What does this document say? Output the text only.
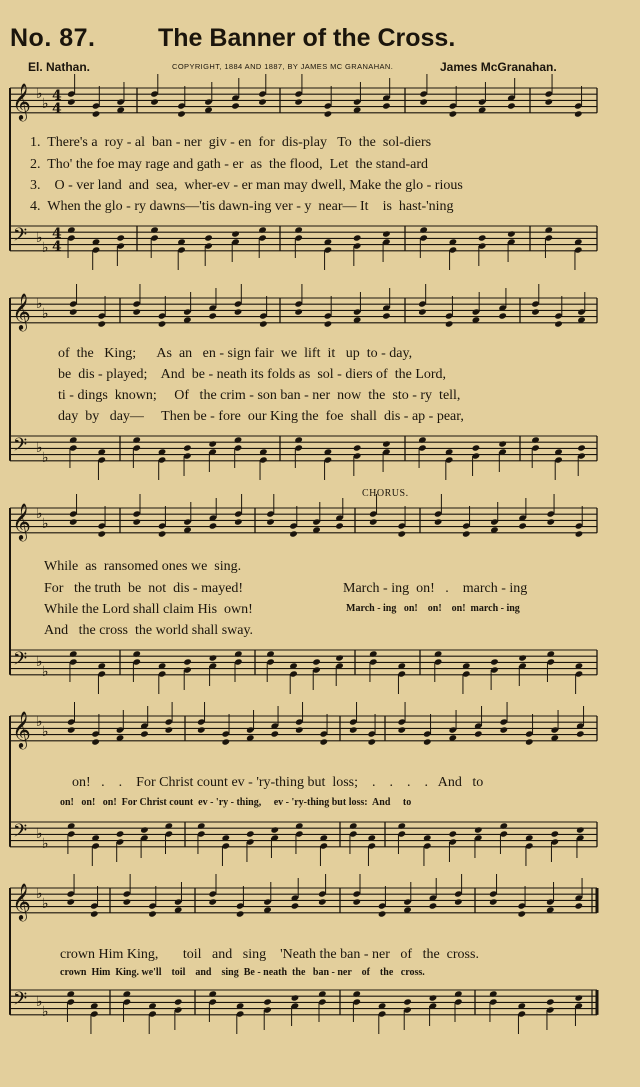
No. 87.	The Banner of the Cross.
El. Nathan.	COPYRIGHT, 1884 AND 1887, BY JAMES MC GRANAHAN.	James McGranahan.
𝄞
𝄢
♭
♭
♭
♭
𝄞
𝄢
♭
♭
♭
♭
𝄞
𝄢
♭
♭
♭
♭
𝄞
𝄢
♭
♭
♭
♭
𝄞
𝄢
♭
♭
♭
♭
4
4
4
4
1.  There's a  roy - al  ban - ner  giv - en  for  dis-play   To  the  sol-diers
2.  Tho' the foe may rage and gath - er  as  the flood,  Let  the stand-ard
3.    O - ver land  and  sea,  wher-ev - er man may dwell, Make the glo - rious
4.  When the glo - ry dawns—'tis dawn-ing ver - y  near— It    is  hast-'ning
of  the   King;      As  an   en - sign fair  we  lift  it   up  to - day,
be  dis - played;    And  be - neath its folds as  sol - diers of  the Lord,
ti - dings  known;     Of   the crim - son ban - ner  now  the  sto - ry  tell,
day  by   day—     Then be - fore  our King the  foe  shall  dis - ap - pear,
CHORUS.
While  as  ransomed ones we  sing.
For   the truth  be  not  dis - mayed!
While the Lord shall claim His  own!
And   the cross  the world shall sway.
March - ing  on!   .    march - ing
March - ing   on!    on!    on!  march - ing
on!   .    .    For Christ count ev - 'ry-thing but  loss;    .    .    .    .   And   to
on!   on!   on!  For Christ count  ev - 'ry - thing,     ev - 'ry-thing but loss:  And     to
crown Him King,       toil   and   sing    'Neath the ban - ner   of   the  cross.
crown  Him  King. we'll    toil    and    sing  Be - neath  the   ban - ner    of    the   cross.
